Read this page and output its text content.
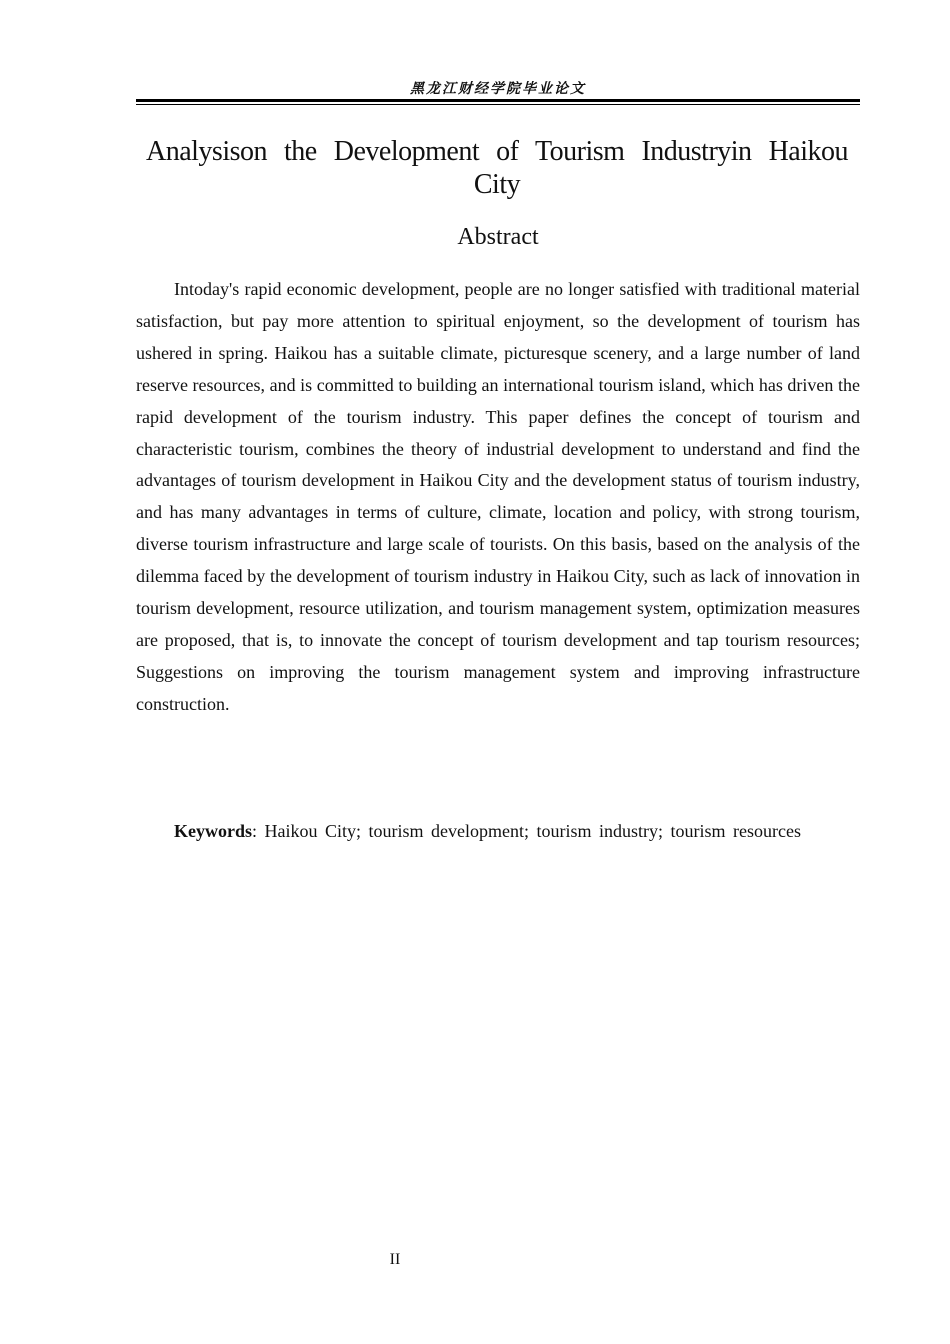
黑龙江财经学院毕业论文
Analysison the Development of Tourism Industryin Haikou City
Abstract

Intoday's rapid economic development, people are no longer satisfied with traditional material satisfaction, but pay more attention to spiritual enjoyment, so the development of tourism has ushered in spring. Haikou has a suitable climate, picturesque scenery, and a large number of land reserve resources, and is committed to building an international tourism island, which has driven the rapid development of the tourism industry. This paper defines the concept of tourism and characteristic tourism, combines the theory of industrial development to understand and find the advantages of tourism development in Haikou City and the development status of tourism industry, and has many advantages in terms of culture, climate, location and policy, with strong tourism, diverse tourism infrastructure and large scale of tourists. On this basis, based on the analysis of the dilemma faced by the development of tourism industry in Haikou City, such as lack of innovation in tourism development, resource utilization, and tourism management system, optimization measures are proposed, that is, to innovate the concept of tourism development and tap tourism resources; Suggestions on improving the tourism management system and improving infrastructure construction.

Keywords: Haikou City; tourism development; tourism industry; tourism resources
II
